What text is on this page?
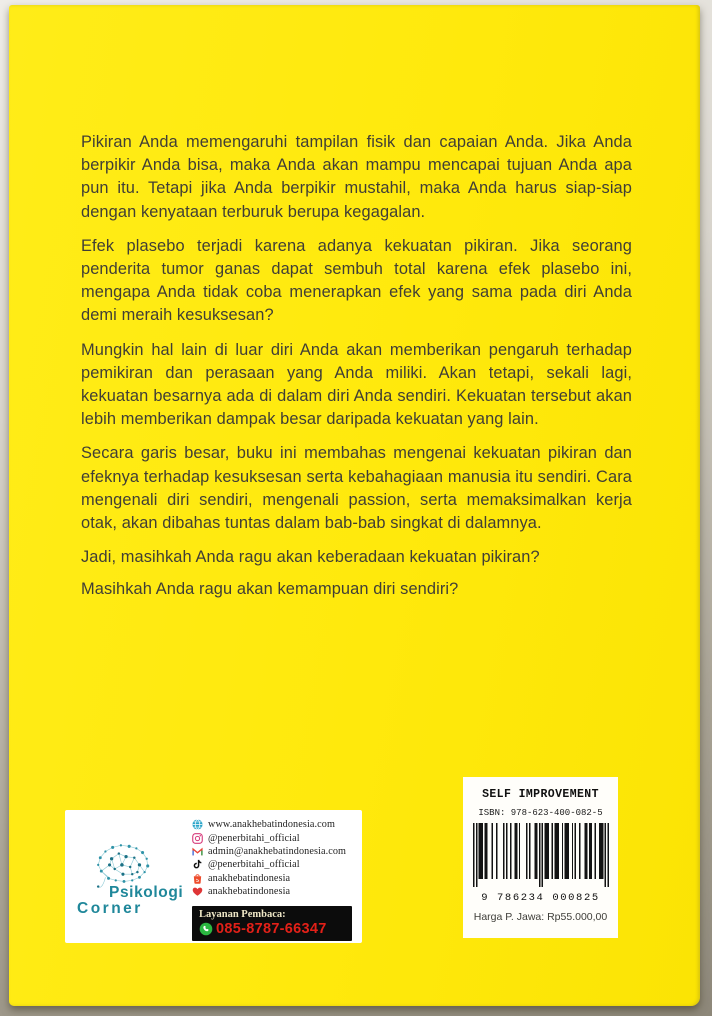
Pikiran Anda memengaruhi tampilan fisik dan capaian Anda. Jika Anda berpikir Anda bisa, maka Anda akan mampu mencapai tujuan Anda apa pun itu. Tetapi jika Anda berpikir mustahil, maka Anda harus siap-siap dengan kenyataan terburuk berupa kegagalan.

Efek plasebo terjadi karena adanya kekuatan pikiran. Jika seorang penderita tumor ganas dapat sembuh total karena efek plasebo ini, mengapa Anda tidak coba menerapkan efek yang sama pada diri Anda demi meraih kesuksesan?

Mungkin hal lain di luar diri Anda akan memberikan pengaruh terhadap pemikiran dan perasaan yang Anda miliki. Akan tetapi, sekali lagi, kekuatan besarnya ada di dalam diri Anda sendiri. Kekuatan tersebut akan lebih memberikan dampak besar daripada kekuatan yang lain.

Secara garis besar, buku ini membahas mengenai kekuatan pikiran dan efeknya terhadap kesuksesan serta kebahagiaan manusia itu sendiri. Cara mengenali diri sendiri, mengenali passion, serta memaksimalkan kerja otak, akan dibahas tuntas dalam bab-bab singkat di dalamnya.

Jadi, masihkah Anda ragu akan keberadaan kekuatan pikiran?

Masihkah Anda ragu akan kemampuan diri sendiri?

Psikologi
Corner
www.anakhebatindonesia.com
@penerbitahi_official
admin@anakhebatindonesia.com
@penerbitahi_official
anakhebatindonesia
anakhebatindonesia
Layanan Pembaca:
085-8787-66347
SELF IMPROVEMENT
ISBN: 978-623-400-082-5
9 786234 000825
Harga P. Jawa: Rp55.000,00
